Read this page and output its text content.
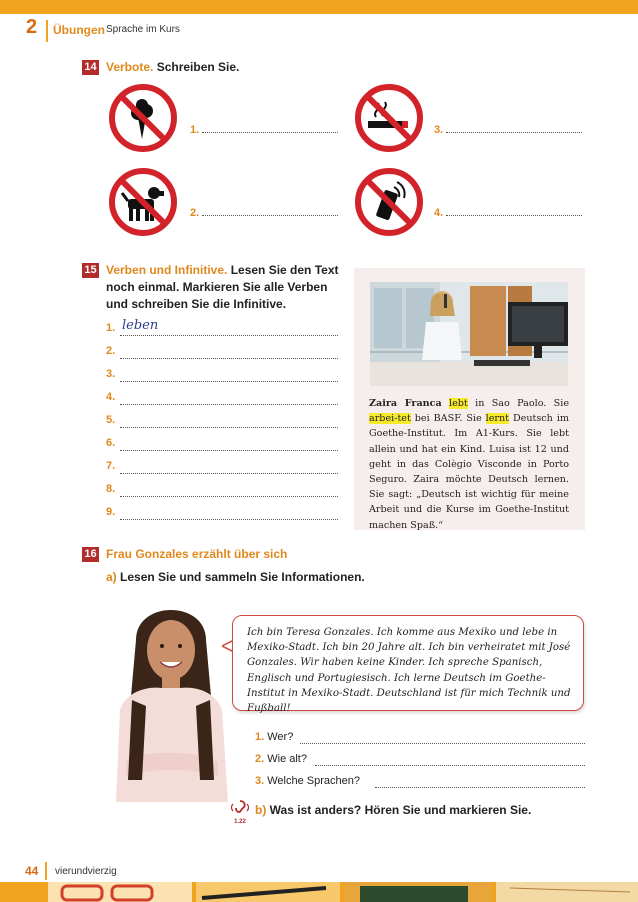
2 Übungen Sprache im Kurs
14 Verbote. Schreiben Sie.
1.	3.
2.	4.
15 Verben und Infinitive. Lesen Sie den Text
noch einmal. Markieren Sie alle Verben
und schreiben Sie die Infinitive.
1. leben
2.
3.
4.
5.
6.
7.
8.
9.
Zaira Franca lebt in Sao Paolo. Sie arbei-tet bei BASF. Sie lernt Deutsch im Goethe-Institut. Im A1-Kurs. Sie lebt allein und hat ein Kind. Luisa ist 12 und geht in das Colègio Visconde in Porto Seguro. Zaira möchte Deutsch lernen. Sie sagt: „Deutsch ist wichtig für meine Arbeit und die Kurse im Goethe-Institut machen Spaß.“
16 Frau Gonzales erzählt über sich
a) Lesen Sie und sammeln Sie Informationen.
Ich bin Teresa Gonzales. Ich komme aus Mexiko und lebe in Mexiko-Stadt. Ich bin 20 Jahre alt. Ich bin verheiratet mit José Gonzales. Wir haben keine Kinder. Ich spreche Spanisch, Englisch und Portugiesisch. Ich lerne Deutsch im Goethe-Institut in Mexiko-Stadt. Deutschland ist für mich Technik und Fußball!
1. Wer?
2. Wie alt?
3. Welche Sprachen?
1.22
b) Was ist anders? Hören Sie und markieren Sie.
44 vierundvierzig
